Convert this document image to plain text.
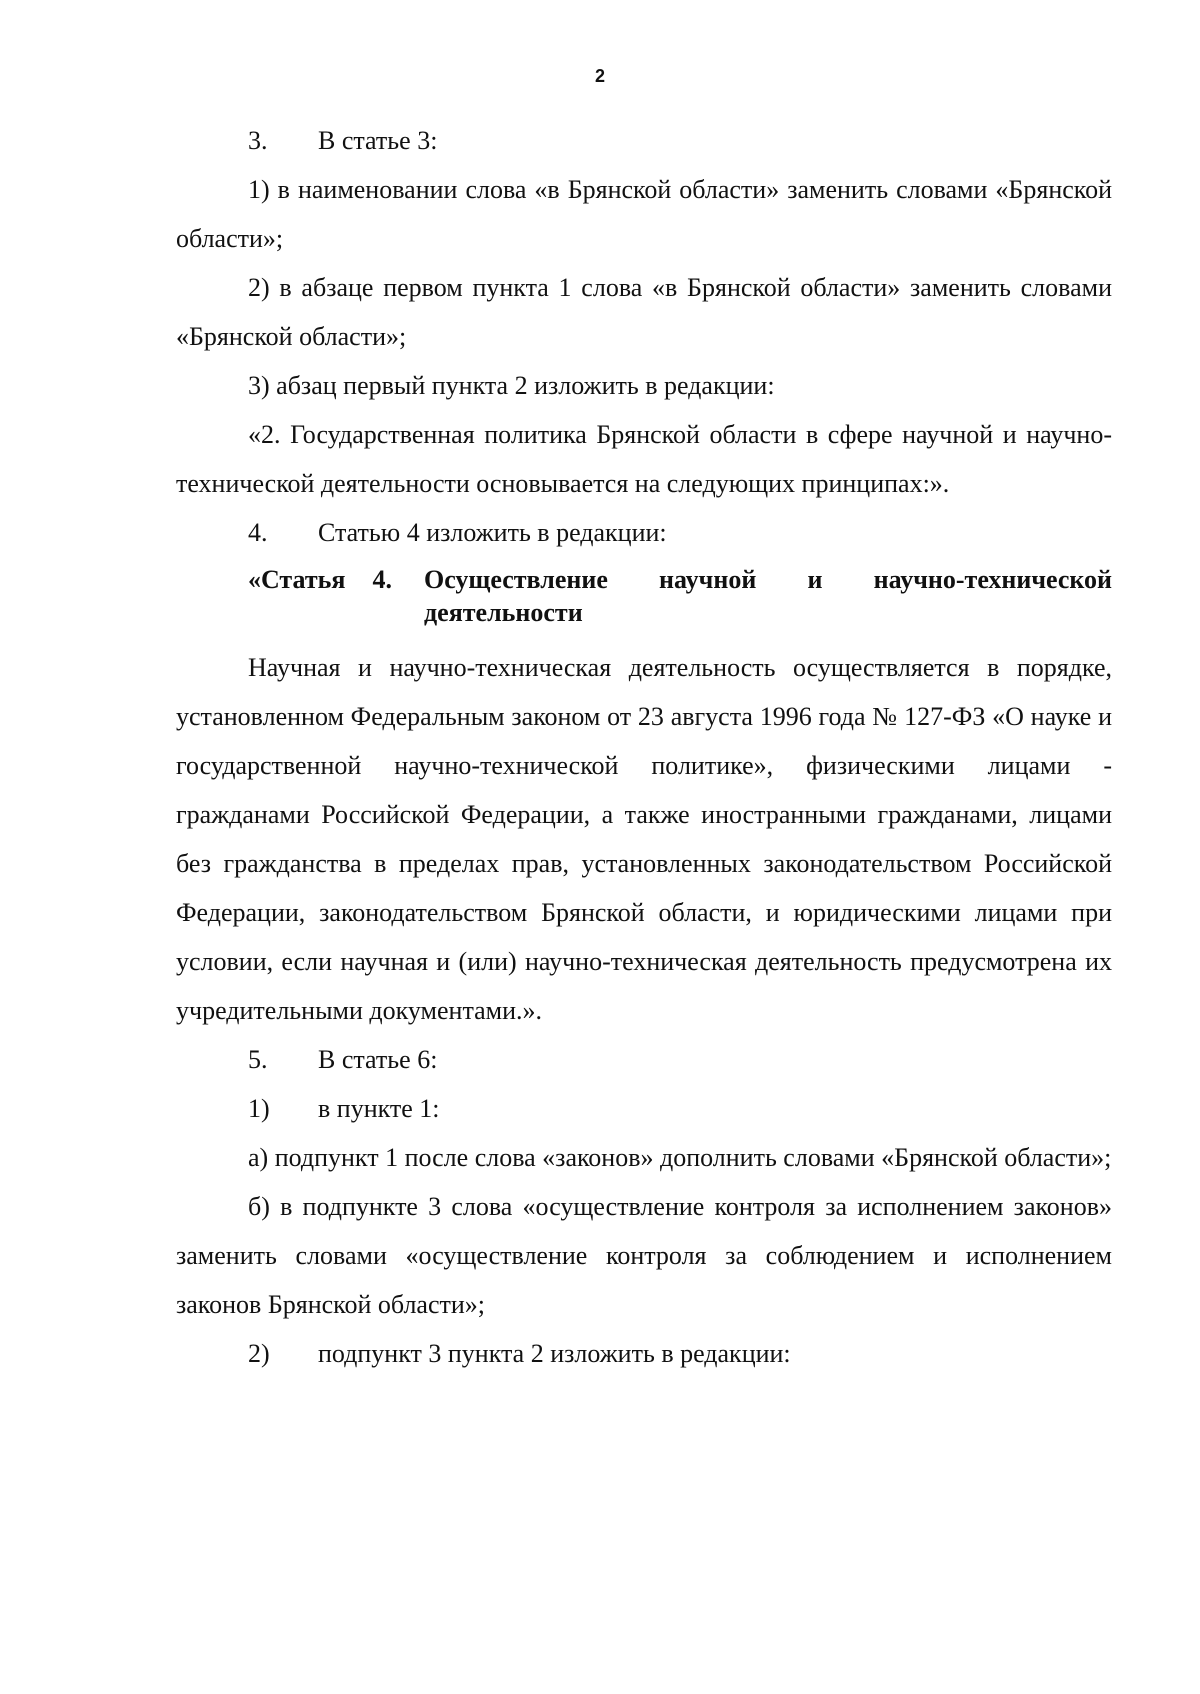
2
3.	В статье 3:

1) в наименовании слова «в Брянской области» заменить словами «Брянской области»;

2) в абзаце первом пункта 1 слова «в Брянской области» заменить словами «Брянской области»;

3) абзац первый пункта 2 изложить в редакции:

«2. Государственная политика Брянской области в сфере научной и научно-технической деятельности основывается на следующих принципах:».

4.	Статью 4 изложить в редакции:
«Статья 4. Осуществление научной и научно-технической
деятельности

Научная и научно-техническая деятельность осуществляется в порядке, установленном Федеральным законом от 23 августа 1996 года № 127-ФЗ «О науке и государственной научно-технической политике», физическими лицами - гражданами Российской Федерации, а также иностранными гражданами, лицами без гражданства в пределах прав, установленных законодательством Российской Федерации, законодательством Брянской области, и юридическими лицами при условии, если научная и (или) научно-техническая деятельность предусмотрена их учредительными документами.».

5.	В статье 6:
1)	в пункте 1:

а) подпункт 1 после слова «законов» дополнить словами «Брянской области»;

б) в подпункте 3 слова «осуществление контроля за исполнением законов» заменить словами «осуществление контроля за соблюдением и исполнением законов Брянской области»;

2)	подпункт 3 пункта 2 изложить в редакции:
